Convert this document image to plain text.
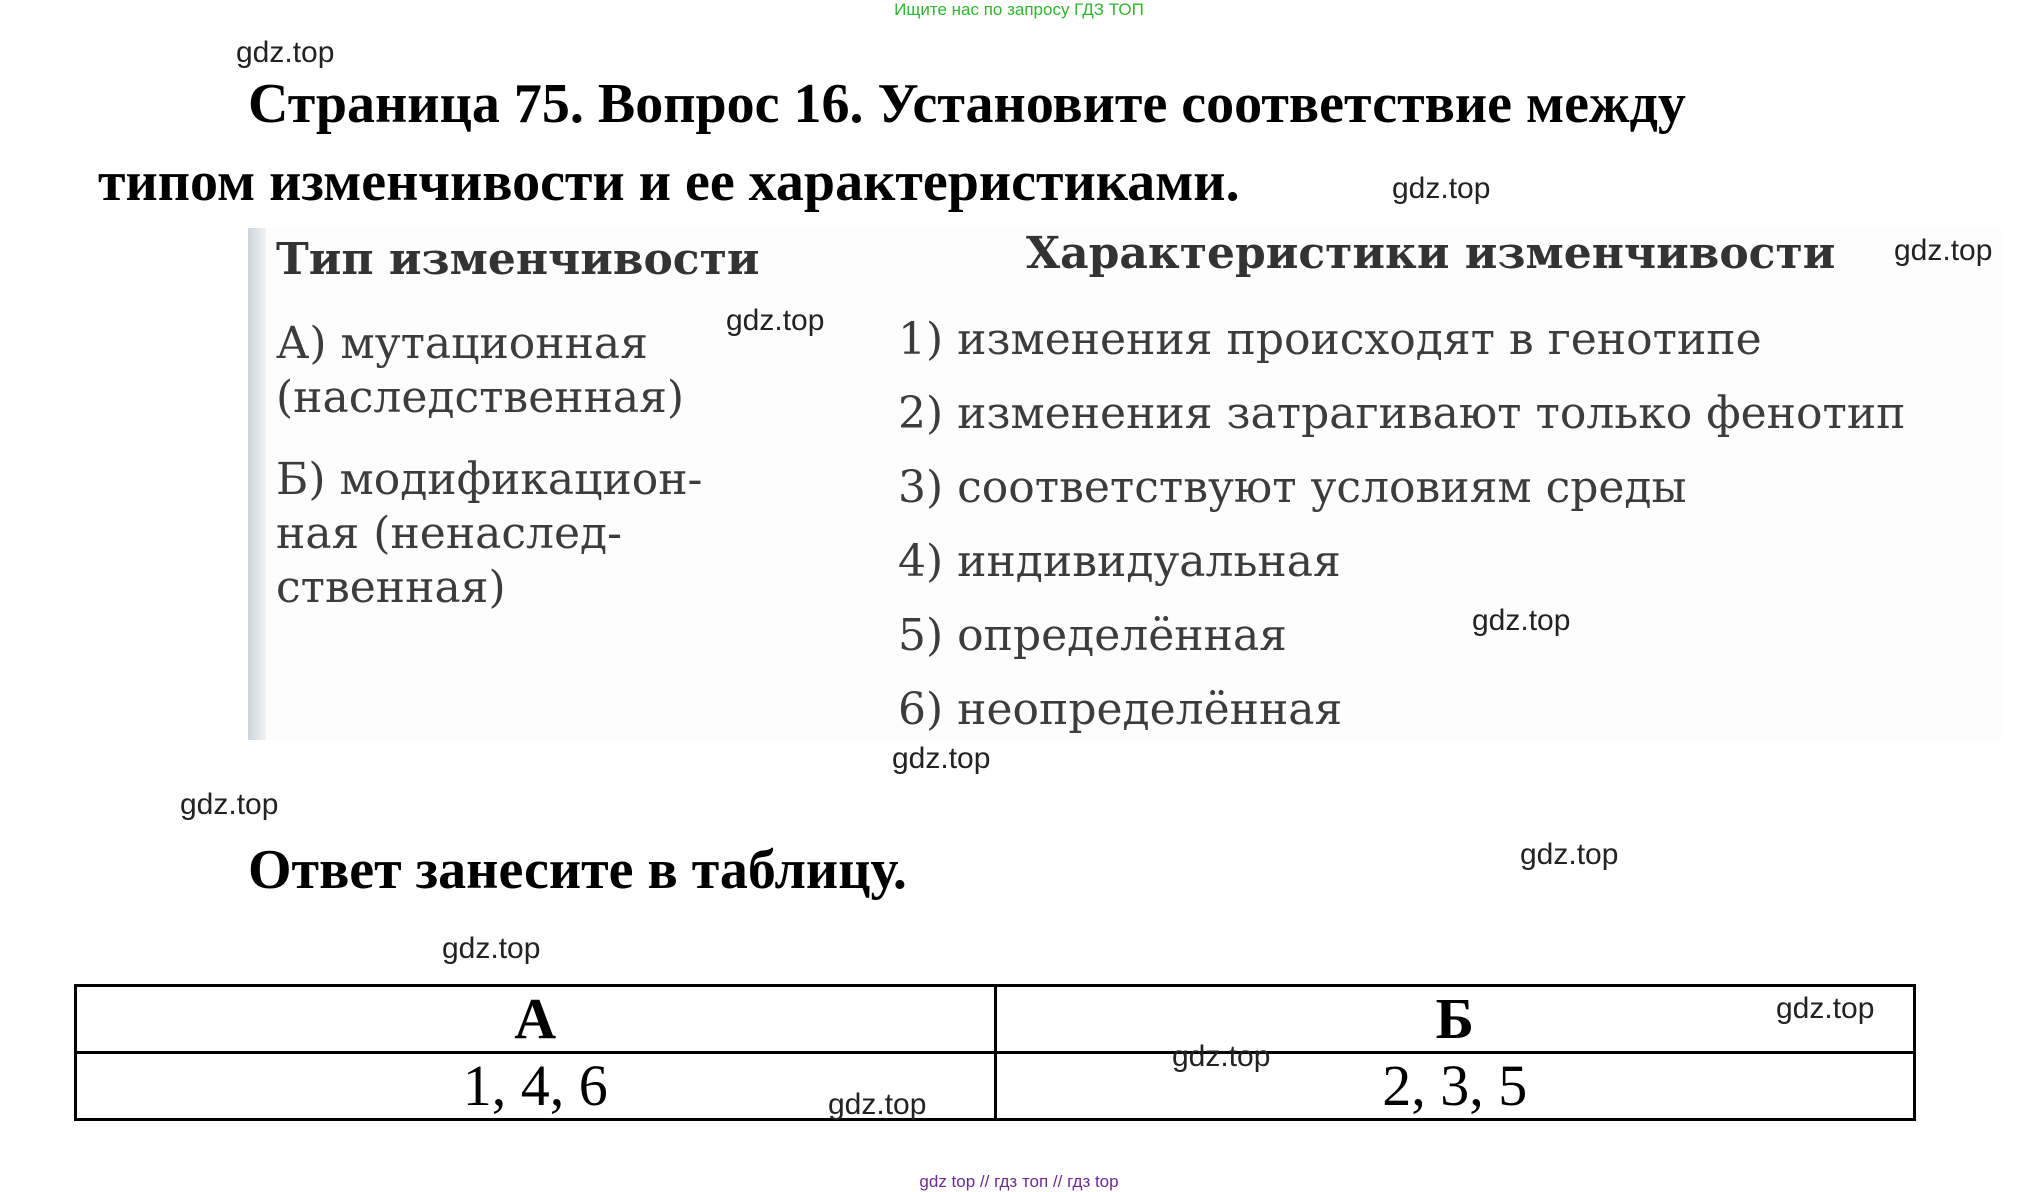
Ищите нас по запросу ГДЗ ТОП
Страница 75. Вопрос 16. Установите соответствие между
типом изменчивости и ее характеристиками.
Тип изменчивости	Характеристики изменчивости
А) мутационная
(наследственная)
Б) модификацион-
ная (ненаслед-
ственная)
1) изменения происходят в генотипе
2) изменения затрагивают только фенотип
3) соответствуют условиям среды
4) индивидуальная
5) определённая
6) неопределённая
Ответ занесите в таблицу.
А	Б
1, 4, 6	2, 3, 5
gdz.top
gdz.top
gdz.top
gdz.top
gdz.top
gdz.top
gdz.top
gdz.top
gdz.top
gdz.top
gdz.top
gdz.top
gdz top // гдз топ // гдз top
